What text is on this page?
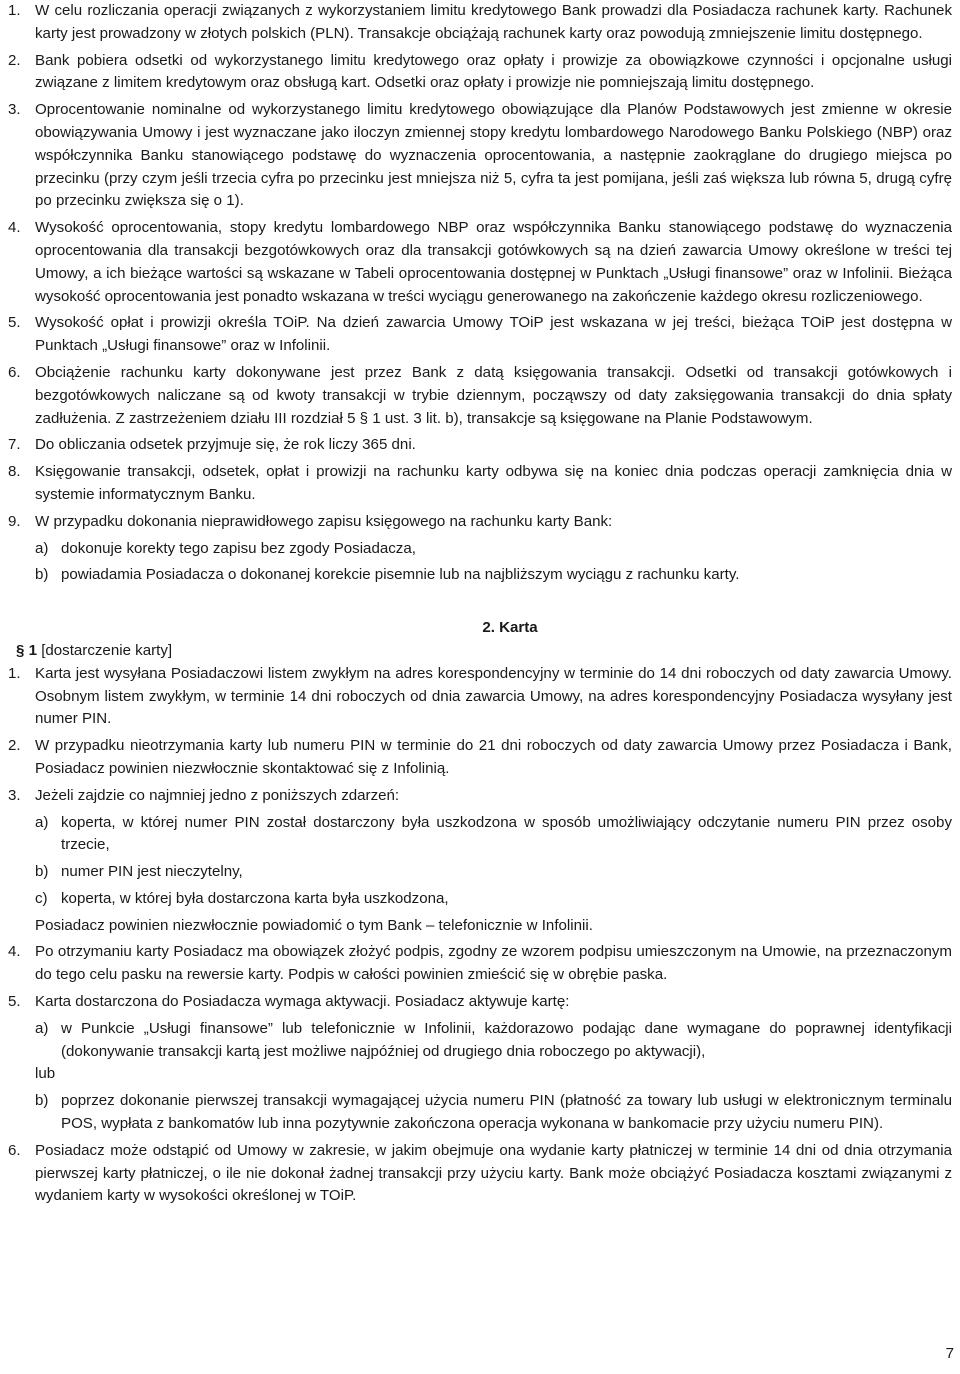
1. W celu rozliczania operacji związanych z wykorzystaniem limitu kredytowego Bank prowadzi dla Posiadacza rachunek karty. Rachunek karty jest prowadzony w złotych polskich (PLN). Transakcje obciążają rachunek karty oraz powodują zmniejszenie limitu dostępnego.
2. Bank pobiera odsetki od wykorzystanego limitu kredytowego oraz opłaty i prowizje za obowiązkowe czynności i opcjonalne usługi związane z limitem kredytowym oraz obsługą kart. Odsetki oraz opłaty i prowizje nie pomniejszają limitu dostępnego.
3. Oprocentowanie nominalne od wykorzystanego limitu kredytowego obowiązujące dla Planów Podstawowych jest zmienne w okresie obowiązywania Umowy i jest wyznaczane jako iloczyn zmiennej stopy kredytu lombardowego Narodowego Banku Polskiego (NBP) oraz współczynnika Banku stanowiącego podstawę do wyznaczenia oprocentowania, a następnie zaokrąglane do drugiego miejsca po przecinku (przy czym jeśli trzecia cyfra po przecinku jest mniejsza niż 5, cyfra ta jest pomijana, jeśli zaś większa lub równa 5, drugą cyfrę po przecinku zwiększa się o 1).
4. Wysokość oprocentowania, stopy kredytu lombardowego NBP oraz współczynnika Banku stanowiącego podstawę do wyznaczenia oprocentowania dla transakcji bezgotówkowych oraz dla transakcji gotówkowych są na dzień zawarcia Umowy określone w treści tej Umowy, a ich bieżące wartości są wskazane w Tabeli oprocentowania dostępnej w Punktach „Usługi finansowe” oraz w Infolinii. Bieżąca wysokość oprocentowania jest ponadto wskazana w treści wyciągu generowanego na zakończenie każdego okresu rozliczeniowego.
5. Wysokość opłat i prowizji określa TOiP. Na dzień zawarcia Umowy TOiP jest wskazana w jej treści, bieżąca TOiP jest dostępna w Punktach „Usługi finansowe” oraz w Infolinii.
6. Obciążenie rachunku karty dokonywane jest przez Bank z datą księgowania transakcji. Odsetki od transakcji gotówkowych i bezgotówkowych naliczane są od kwoty transakcji w trybie dziennym, począwszy od daty zaksięgowania transakcji do dnia spłaty zadłużenia. Z zastrzeżeniem działu III rozdział 5 § 1 ust. 3 lit. b), transakcje są księgowane na Planie Podstawowym.
7. Do obliczania odsetek przyjmuje się, że rok liczy 365 dni.
8. Księgowanie transakcji, odsetek, opłat i prowizji na rachunku karty odbywa się na koniec dnia podczas operacji zamknięcia dnia w systemie informatycznym Banku.
9. W przypadku dokonania nieprawidłowego zapisu księgowego na rachunku karty Bank:
a) dokonuje korekty tego zapisu bez zgody Posiadacza,
b) powiadamia Posiadacza o dokonanej korekcie pisemnie lub na najbliższym wyciągu z rachunku karty.
2. Karta
§ 1 [dostarczenie karty]
1. Karta jest wysyłana Posiadaczowi listem zwykłym na adres korespondencyjny w terminie do 14 dni roboczych od daty zawarcia Umowy. Osobnym listem zwykłym, w terminie 14 dni roboczych od dnia zawarcia Umowy, na adres korespondencyjny Posiadacza wysyłany jest numer PIN.
2. W przypadku nieotrzymania karty lub numeru PIN w terminie do 21 dni roboczych od daty zawarcia Umowy przez Posiadacza i Bank, Posiadacz powinien niezwłocznie skontaktować się z Infolinią.
3. Jeżeli zajdzie co najmniej jedno z poniższych zdarzeń:
a) koperta, w której numer PIN został dostarczony była uszkodzona w sposób umożliwiający odczytanie numeru PIN przez osoby trzecie,
b) numer PIN jest nieczytelny,
c) koperta, w której była dostarczona karta była uszkodzona,
Posiadacz powinien niezwłocznie powiadomić o tym Bank – telefonicznie w Infolinii.
4. Po otrzymaniu karty Posiadacz ma obowiązek złożyć podpis, zgodny ze wzorem podpisu umieszczonym na Umowie, na przeznaczonym do tego celu pasku na rewersie karty. Podpis w całości powinien zmieścić się w obrębie paska.
5. Karta dostarczona do Posiadacza wymaga aktywacji. Posiadacz aktywuje kartę:
a) w Punkcie „Usługi finansowe” lub telefonicznie w Infolinii, każdorazowo podając dane wymagane do poprawnej identyfikacji (dokonywanie transakcji kartą jest możliwe najpóźniej od drugiego dnia roboczego po aktywacji),
lub
b) poprzez dokonanie pierwszej transakcji wymagającej użycia numeru PIN (płatność za towary lub usługi w elektronicznym terminalu POS, wypłata z bankomatów lub inna pozytywnie zakończona operacja wykonana w bankomacie przy użyciu numeru PIN).
6. Posiadacz może odstąpić od Umowy w zakresie, w jakim obejmuje ona wydanie karty płatniczej w terminie 14 dni od dnia otrzymania pierwszej karty płatniczej, o ile nie dokonał żadnej transakcji przy użyciu karty. Bank może obciążyć Posiadacza kosztami związanymi z wydaniem karty w wysokości określonej w TOiP.
7
